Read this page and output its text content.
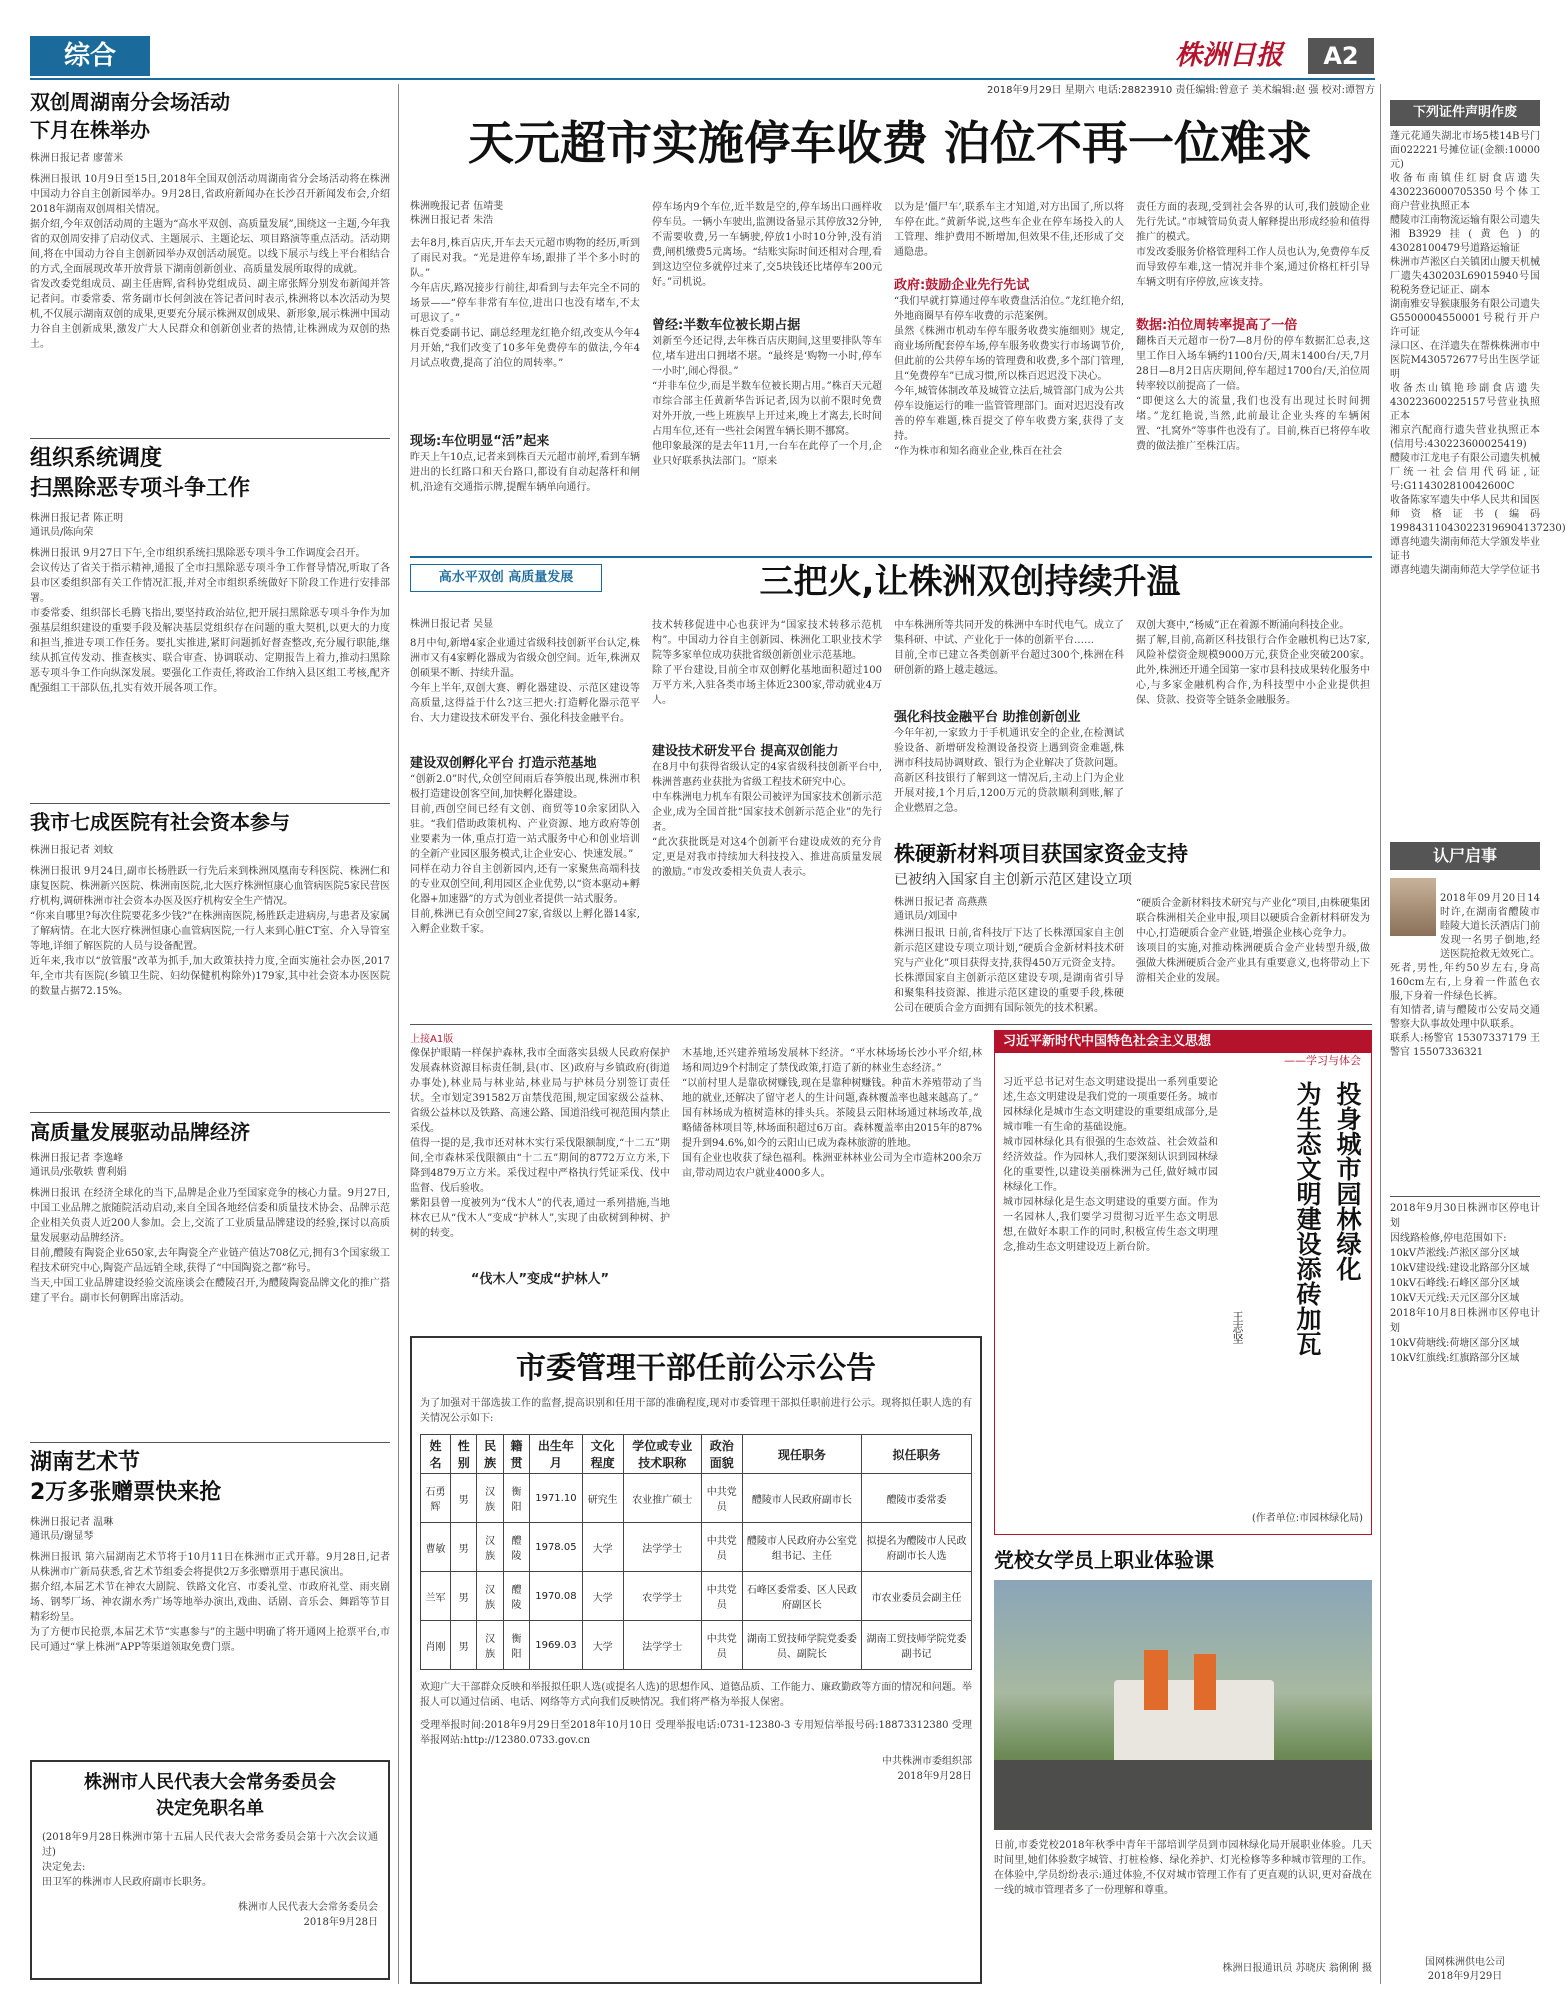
综合	株洲日报	A2
2018年9月29日 星期六 电话:28823910 责任编辑:曾意子 美术编辑:赵 强 校对:谭智方
双创周湖南分会场活动
下月在株举办
株洲日报记者 廖蕾米
株洲日报讯 10月9日至15日,2018年全国双创活动周湖南省分会场活动将在株洲中国动力谷自主创新园举办。9月28日,省政府新闻办在长沙召开新闻发布会,介绍2018年湖南双创周相关情况。
据介绍,今年双创活动周的主题为“高水平双创、高质量发展”,围绕这一主题,今年我省的双创周安排了启动仪式、主题展示、主题论坛、项目路演等重点活动。活动期间,将在中国动力谷自主创新园举办双创活动展览。以线下展示与线上平台相结合的方式,全面展现改革开放背景下湖南创新创业、高质量发展所取得的成就。
省发改委党组成员、副主任唐辉,省科协党组成员、副主席张辉分别发布新闻并答记者问。市委常委、常务副市长何剑波在答记者问时表示,株洲将以本次活动为契机,不仅展示湖南双创的成果,更要充分展示株洲双创成果、新形象,展示株洲中国动力谷自主创新成果,激发广大人民群众和创新创业者的热情,让株洲成为双创的热土。
组织系统调度
扫黑除恶专项斗争工作
株洲日报记者 陈正明
通讯员/陈向荣
株洲日报讯 9月27日下午,全市组织系统扫黑除恶专项斗争工作调度会召开。
会议传达了省关于指示精神,通报了全市扫黑除恶专项斗争工作督导情况,听取了各县市区委组织部有关工作情况汇报,并对全市组织系统做好下阶段工作进行安排部署。
市委常委、组织部长毛腾飞指出,要坚持政治站位,把开展扫黑除恶专项斗争作为加强基层组织建设的重要手段及解决基层党组织存在问题的重大契机,以更大的力度和担当,推进专项工作任务。要扎实推进,紧盯问题抓好督查整改,充分履行职能,继续从抓宣传发动、推查核实、联合审查、协调联动、定期报告上着力,推动扫黑除恶专项斗争工作向纵深发展。要强化工作责任,将政治工作纳入县区组工考核,配齐配强组工干部队伍,扎实有效开展各项工作。
我市七成医院有社会资本参与
株洲日报记者 刘蚊
株洲日报讯 9月24日,副市长杨胜跃一行先后来到株洲凤凰南专科医院、株洲仁和康复医院、株洲新兴医院、株洲南医院,北大医疗株洲恒康心血管病医院5家民营医疗机构,调研株洲市社会资本办医及医疗机构安全生产情况。
“你来自哪里?每次住院要花多少钱?”在株洲南医院,杨胜跃走进病房,与患者及家属了解病情。在北大医疗株洲恒康心血管病医院,一行人来到心脏CT室、介入导管室等地,详细了解医院的人员与设备配置。
近年来,我市以“放管服”改革为抓手,加大政策扶持力度,全面实施社会办医,2017年,全市共有医院(乡镇卫生院、妇幼保健机构除外)179家,其中社会资本办医医院的数量占据72.15%。
高质量发展驱动品牌经济
株洲日报记者 李逸峰
通讯员/张敬轶 曹利娟
株洲日报讯 在经济全球化的当下,品牌是企业乃至国家竞争的核心力量。9月27日,中国工业品牌之旅随院活动启动,来自全国各地经信委和质量技术协会、品牌示范企业相关负责人近200人参加。会上,交流了工业质量品牌建设的经验,探讨以高质量发展驱动品牌经济。
目前,醴陵有陶瓷企业650家,去年陶瓷全产业链产值达708亿元,拥有3个国家级工程技术研究中心,陶瓷产品远销全球,获得了“中国陶瓷之都”称号。
当天,中国工业品牌建设经验交流座谈会在醴陵召开,为醴陵陶瓷品牌文化的推广搭建了平台。副市长何朝晖出席活动。
湖南艺术节
2万多张赠票快来抢
株洲日报记者 温琳
通讯员/谢显琴
株洲日报讯 第六届湖南艺术节将于10月11日在株洲市正式开幕。9月28日,记者从株洲市广新局获悉,省艺术节组委会将提供2万多张赠票用于惠民演出。
据介绍,本届艺术节在神农大剧院、铁路文化宫、市委礼堂、市政府礼堂、雨夹剧场、钢琴厂场、神农湖水秀广场等地举办演出,戏曲、话剧、音乐会、舞蹈等节目精彩纷呈。
为了方便市民抢票,本届艺术节“实惠参与”的主题中明确了将开通网上抢票平台,市民可通过“掌上株洲”APP等渠道领取免费门票。
株洲市人民代表大会常务委员会
决定免职名单
(2018年9月28日株洲市第十五届人民代表大会常务委员会第十六次会议通过)
决定免去:
田卫军的株洲市人民政府副市长职务。
株洲市人民代表大会常务委员会
2018年9月28日
天元超市实施停车收费 泊位不再一位难求
株洲晚报记者 伍靖斐
株洲日报记者 朱浩
去年8月,株百店庆,开车去天元超市购物的经历,听到了雨民对我。“光是进停车场,跟排了半个多小时的队。”
今年店庆,路况接步行前往,却看到与去年完全不同的场景——“停车非常有车位,进出口也没有堵车,不太可思议了。”
株百党委副书记、副总经理龙红艳介绍,改变从今年4月开始,“我们改变了10多年免费停车的做法,今年4月试点收费,提高了泊位的周转率。”
现场:车位明显“活”起来
昨天上午10点,记者来到株百天元超市前坪,看到车辆进出的长红路口和天台路口,都设有自动起落杆和闸机,沿途有交通指示牌,提醒车辆单向通行。
停车场内9个车位,近半数是空的,停车场出口画样收停车员。一辆小车驶出,监测设备显示其停放32分钟,不需要收费,另一车辆驶,停放1小时10分钟,没有消费,闸机缴费5元离场。“结账实际时间还相对合理,看到这边空位多就停过来了,交5块钱还比堵停车200元好。”司机说。
曾经:半数车位被长期占据
刘新至今还记得,去年株百店庆期间,这里要排队等车位,堵车进出口拥堵不堪。“最终是‘购物一小时,停车一小时’,闹心得很。”
“并非车位少,而是半数车位被长期占用。”株百天元超市综合部主任黄新华告诉记者,因为以前不限时免费对外开放,一些上班族早上开过来,晚上才离去,长时间占用车位,还有一些社会闲置车辆长期不挪窝。
他印象最深的是去年11月,一台车在此停了一个月,企业只好联系执法部门。“原来
以为是‘僵尸车’,联系车主才知道,对方出国了,所以将车停在此。”黄新华说,这些车企业在停车场投入的人工管理、维护费用不断增加,但效果不佳,还形成了交通隐患。
政府:鼓励企业先行先试
“我们早就打算通过停车收费盘活泊位。”龙红艳介绍,外地商圈早有停车收费的示范案例。
虽然《株洲市机动车停车服务收费实施细则》规定,商业场所配套停车场,停车服务收费实行市场调节价,但此前的公共停车场的管理费和收费,多个部门管理,且“免费停车”已成习惯,所以株百迟迟没下决心。
今年,城管体制改革及城管立法后,城管部门成为公共停车设施运行的唯一监管管理部门。面对迟迟没有改善的停车难题,株百提交了停车收费方案,获得了支持。
“作为株市和知名商业企业,株百在社会
责任方面的表现,受到社会各界的认可,我们鼓励企业先行先试。”市城管局负责人解释提出形成经验和值得推广的模式。
市发改委服务价格管理科工作人员也认为,免费停车反而导致停车难,这一情况并非个案,通过价格杠杆引导车辆文明有序停放,应该支持。
数据:泊位周转率提高了一倍
翻株百天元超市一份7—8月份的停车数据汇总表,这里工作日入场车辆约1100台/天,周末1400台/天,7月28日—8月2日店庆期间,停车超过1700台/天,泊位周转率较以前提高了一倍。
“即便这么大的流量,我们也没有出现过长时间拥堵。”龙红艳说,当然,此前最让企业头疼的车辆闲置、“扎窝外”等事件也没有了。目前,株百已将停车收费的做法推广至株江店。
高水平双创 高质量发展	三把火,让株洲双创持续升温
株洲日报记者 吴显
8月中旬,新增4家企业通过省级科技创新平台认定,株洲市又有4家孵化器成为省级众创空间。近年,株洲双创硕果不断、持续升温。
今年上半年,双创大赛、孵化器建设、示范区建设等高质量,这得益于什么?这三把火:打造孵化器示范平台、大力建设技术研发平台、强化科技金融平台。
建设双创孵化平台 打造示范基地
“创新2.0”时代,众创空间雨后春笋般出现,株洲市积极打造建设创客空间,加快孵化器建设。
目前,西创空间已经有文创、商贸等10余家团队入驻。“我们借助政策机构、产业资源、地方政府等创业要素为一体,重点打造一站式服务中心和创业培训的全新产业园区服务模式,让企业安心、快速发展。”
同样在动力谷自主创新园内,还有一家聚焦高端科技的专业双创空间,利用园区企业优势,以“资本驱动+孵化器+加速器”的方式为创业者提供一站式服务。
目前,株洲已有众创空间27家,省级以上孵化器14家,入孵企业数千家。
技术转移促进中心也获评为“国家技术转移示范机构”。中国动力谷自主创新园、株洲化工职业技术学院等多家单位成功获批省级创新创业示范基地。
除了平台建设,目前全市双创孵化基地面积超过100万平方米,入驻各类市场主体近2300家,带动就业4万人。
建设技术研发平台 提高双创能力
在8月中旬获得省级认定的4家省级科技创新平台中,株洲普惠药业获批为省级工程技术研究中心。
中车株洲电力机车有限公司被评为国家技术创新示范企业,成为全国首批“国家技术创新示范企业”的先行者。
“此次获批既是对这4个创新平台建设成效的充分肯定,更是对我市持续加大科技投入、推进高质量发展的激励。”市发改委相关负责人表示。
中车株洲所等共同开发的株洲中车时代电气。成立了集科研、中试、产业化于一体的创新平台……
目前,全市已建立各类创新平台超过300个,株洲在科研创新的路上越走越远。
强化科技金融平台 助推创新创业
今年年初,一家致力于手机通讯安全的企业,在检测试验设备、新增研发检测设备投资上遇到资金难题,株洲市科技局协调财政、银行为企业解决了贷款问题。
高新区科技银行了解到这一情况后,主动上门为企业开展对接,1个月后,1200万元的贷款顺利到账,解了企业燃眉之急。
双创大赛中,“杨威”正在着源不断涌向科技企业。
据了解,目前,高新区科技银行合作金融机构已达7家,风险补偿资金规模9000万元,获贷企业突破200家。此外,株洲还开通全国第一家市县科技成果转化服务中心,与多家金融机构合作,为科技型中小企业提供担保、贷款、投资等全链条金融服务。
株硬新材料项目获国家资金支持
已被纳入国家自主创新示范区建设立项
株洲日报记者 高燕燕
通讯员/刘国中
株洲日报讯 日前,省科技厅下达了长株潭国家自主创新示范区建设专项立项计划,“硬质合金新材料技术研究与产业化”项目获得支持,获得450万元资金支持。
长株潭国家自主创新示范区建设专项,是湖南省引导和聚集科技资源、推进示范区建设的重要手段,株硬公司在硬质合金方面拥有国际领先的技术积累。
“硬质合金新材料技术研究与产业化”项目,由株硬集团联合株洲相关企业申报,项目以硬质合金新材料研发为中心,打造硬质合金产业链,增强企业核心竞争力。
该项目的实施,对推动株洲硬质合金产业转型升级,做强做大株洲硬质合金产业具有重要意义,也将带动上下游相关企业的发展。
上接A1版
像保护眼睛一样保护森林,我市全面落实县级人民政府保护发展森林资源目标责任制,县(市、区)政府与乡镇政府(街道办事处),林业局与林业站,林业局与护林员分别签订责任状。全市划定391582万亩禁伐范围,规定国家级公益林、省级公益林以及铁路、高速公路、国道沿线可视范围内禁止采伐。
值得一提的是,我市还对林木实行采伐限额制度,“十二五”期间,全市森林采伐限额由“十二五”期间的8772万立方米,下降到4879万立方米。采伐过程中严格执行凭证采伐、伐中监督、伐后验收。
紫阳县曾一度被列为“伐木人”的代表,通过一系列措施,当地林农已从“伐木人”变成“护林人”,实现了由砍树到种树、护树的转变。
“伐木人”变成“护林人”
木基地,还兴建养殖场发展林下经济。“平水林场场长沙小平介绍,林场和周边9个村制定了禁伐政策,打造了新的林业生态经济。”
“以前村里人是靠砍树赚钱,现在是靠种树赚钱。种苗木养殖带动了当地的就业,还解决了留守老人的生计问题,森林覆盖率也越来越高了。”
国有林场成为植树造林的排头兵。茶陵县云阳林场通过林场改革,战略储备林项目等,林场面积超过6万亩。森林覆盖率由2015年的87%提升到94.6%,如今的云阳山已成为森林旅游的胜地。
国有企业也收获了绿色福利。株洲亚林林业公司为全市造林200余万亩,带动周边农户就业4000多人。
习近平新时代中国特色社会主义思想
——学习与体会
习近平总书记对生态文明建设提出一系列重要论述,生态文明建设是我们党的一项重要任务。城市园林绿化是城市生态文明建设的重要组成部分,是城市唯一有生命的基础设施。
城市园林绿化具有很强的生态效益、社会效益和经济效益。作为园林人,我们要深刻认识到园林绿化的重要性,以建设美丽株洲为己任,做好城市园林绿化工作。
城市园林绿化是生态文明建设的重要方面。作为一名园林人,我们要学习贯彻习近平生态文明思想,在做好本职工作的同时,积极宣传生态文明理念,推动生态文明建设迈上新台阶。	投身城市园林绿化
为生态文明建设添砖加瓦
王志坚
(作者单位:市园林绿化局)
市委管理干部任前公示公告
为了加强对干部选拔工作的监督,提高识别和任用干部的准确程度,现对市委管理干部拟任职前进行公示。现将拟任职人选的有关情况公示如下:
姓名	性别	民族	籍贯	出生年月	文化程度	学位或专业技术职称	政治面貌	现任职务	拟任职务
石勇辉	男	汉族	衡阳	1971.10	研究生	农业推广硕士	中共党员	醴陵市人民政府副市长	醴陵市委常委
曹敏	男	汉族	醴陵	1978.05	大学	法学学士	中共党员	醴陵市人民政府办公室党组书记、主任	拟提名为醴陵市人民政府副市长人选
兰军	男	汉族	醴陵	1970.08	大学	农学学士	中共党员	石峰区委常委、区人民政府副区长	市农业委员会副主任
肖刚	男	汉族	衡阳	1969.03	大学	法学学士	中共党员	湖南工贸技师学院党委委员、副院长	湖南工贸技师学院党委副书记
欢迎广大干部群众反映和举报拟任职人选(或提名人选)的思想作风、道德品质、工作能力、廉政勤政等方面的情况和问题。举报人可以通过信函、电话、网络等方式向我们反映情况。我们将严格为举报人保密。
受理举报时间:2018年9月29日至2018年10月10日 受理举报电话:0731-12380-3 专用短信举报号码:18873312380 受理举报网站:http://12380.0733.gov.cn
中共株洲市委组织部
2018年9月28日
党校女学员上职业体验课
日前,市委党校2018年秋季中青年干部培训学员到市园林绿化局开展职业体验。几天时间里,她们体验数字城管、打桩检修、绿化养护、灯光检修等多种城市管理的工作。在体验中,学员纷纷表示:通过体验,不仅对城市管理工作有了更直观的认识,更对奋战在一线的城市管理者多了一份理解和尊重。
株洲日报通讯员 苏晓庆 翁俐俐 摄
下列证件声明作废
蓬元花通失湖北市场5楼14B号门面022221号摊位证(金额:10000元)
收备布南镇佳红厨食店遗失4302236000705350号个体工商户营业执照正本
醴陵市江南物流运输有限公司遗失湘B3929挂(黄色)的43028100479号道路运输证
株洲市芦淞区白关镇团山腰天机械厂遗失430203L69015940号国税税务登记证正、副本
湖南雅安导猴康服务有限公司遗失G5500004550001号税行开户许可证
渌口区、在洋遗失在帮株株洲市中医院M430572677号出生医学证明
收备杰山镇艳珍副食店遗失430223600225157号营业执照正本
湘京汽配商行遗失营业执照正本(信用号:430223600025419)
醴陵市江龙电子有限公司遗失机械厂统一社会信用代码证,证号:G114302810042600C
收备陈家军遗失中华人民共和国医师资格证书(编码199843110430223196904137230)
谭喜纯遗失湖南师范大学颁发毕业证书
谭喜纯遗失湖南师范大学学位证书
认尸启事

2018年09月20日14时许,在湖南省醴陵市睦陵大道长沃酒店门前发现一名男子倒地,经送医院抢救无效死亡。死者,男性,年约50岁左右,身高160cm左右,上身着一件蓝色衣服,下身着一件绿色长裤。
有知情者,请与醴陵市公安局交通警察大队事故处理中队联系。
联系人:杨警官 15307337179 王警官 15507336321

2018年9月30日株洲市区停电计划
因线路检修,停电范围如下:
10kV芦淞线:芦淞区部分区域
10kV建设线:建设北路部分区域
10kV石峰线:石峰区部分区域
10kV天元线:天元区部分区域
2018年10月8日株洲市区停电计划
10kV荷塘线:荷塘区部分区域
10kV红旗线:红旗路部分区域
国网株洲供电公司
2018年9月29日
